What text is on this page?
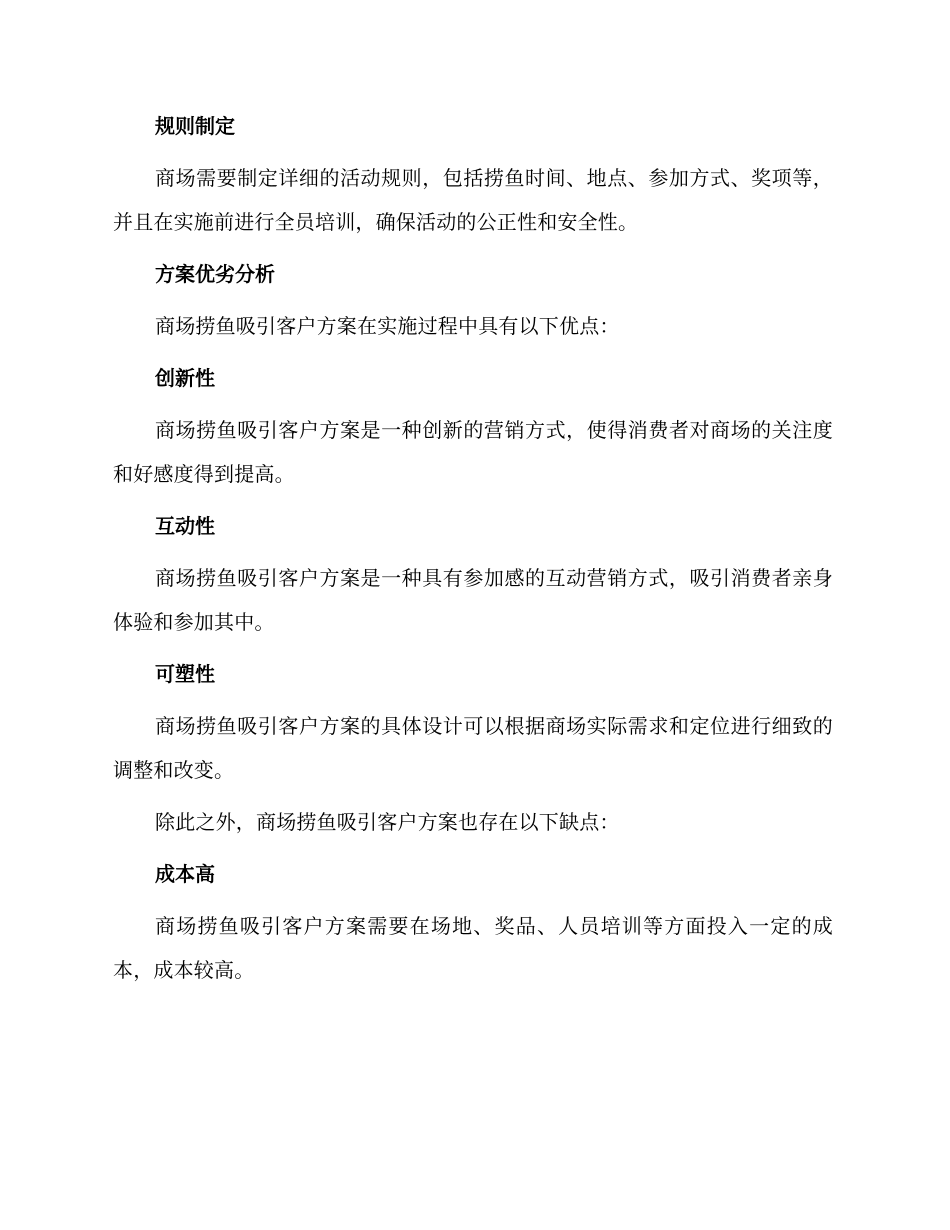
规则制定
商场需要制定详细的活动规则，包括捞鱼时间、地点、参加方式、奖项等，并且在实施前进行全员培训，确保活动的公正性和安全性。
方案优劣分析
商场捞鱼吸引客户方案在实施过程中具有以下优点：
创新性
商场捞鱼吸引客户方案是一种创新的营销方式，使得消费者对商场的关注度和好感度得到提高。
互动性
商场捞鱼吸引客户方案是一种具有参加感的互动营销方式，吸引消费者亲身体验和参加其中。
可塑性
商场捞鱼吸引客户方案的具体设计可以根据商场实际需求和定位进行细致的调整和改变。
除此之外，商场捞鱼吸引客户方案也存在以下缺点：
成本高
商场捞鱼吸引客户方案需要在场地、奖品、人员培训等方面投入一定的成本，成本较高。
